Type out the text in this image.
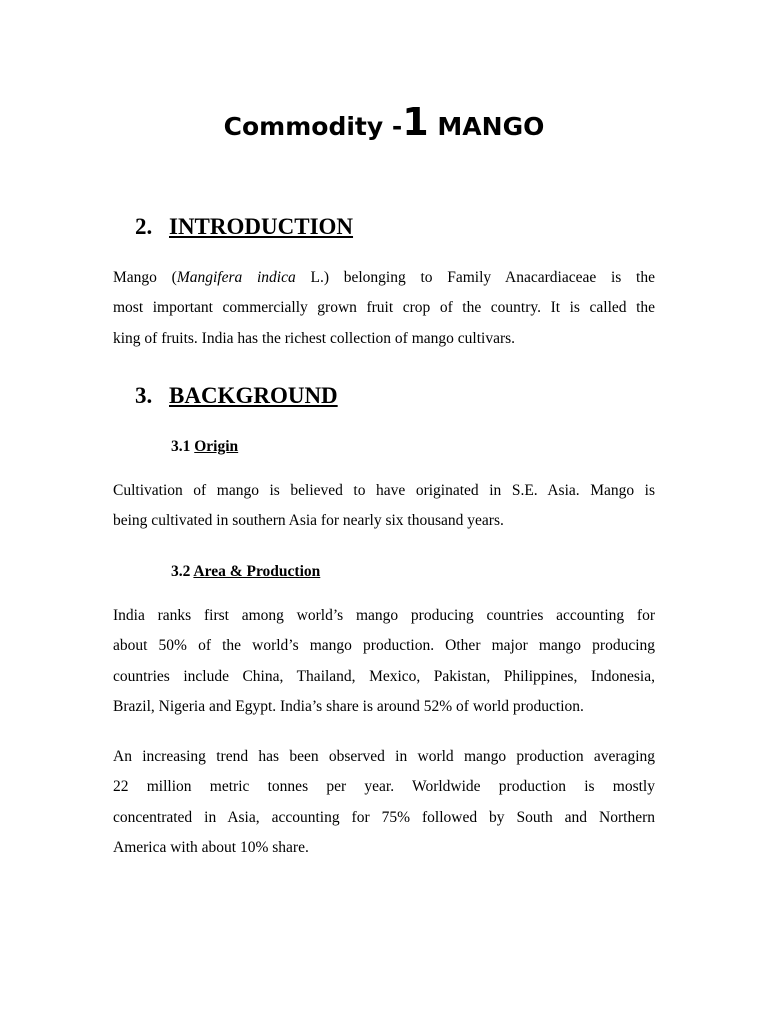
Commodity -1 MANGO
2. INTRODUCTION

Mango (Mangifera indica L.) belonging to Family Anacardiaceae is the
most important commercially grown fruit crop of the country. It is called the
king of fruits. India has the richest collection of mango cultivars.

3. BACKGROUND
3.1 Origin

Cultivation of mango is believed to have originated in S.E. Asia. Mango is
being cultivated in southern Asia for nearly six thousand years.

3.2 Area & Production

India ranks first among world’s mango producing countries accounting for
about 50% of the world’s mango production. Other major mango producing
countries include China, Thailand, Mexico, Pakistan, Philippines, Indonesia,
Brazil, Nigeria and Egypt. India’s share is around 52% of world production.

An increasing trend has been observed in world mango production averaging
22 million metric tonnes per year. Worldwide production is mostly
concentrated in Asia, accounting for 75% followed by South and Northern
America with about 10% share.
